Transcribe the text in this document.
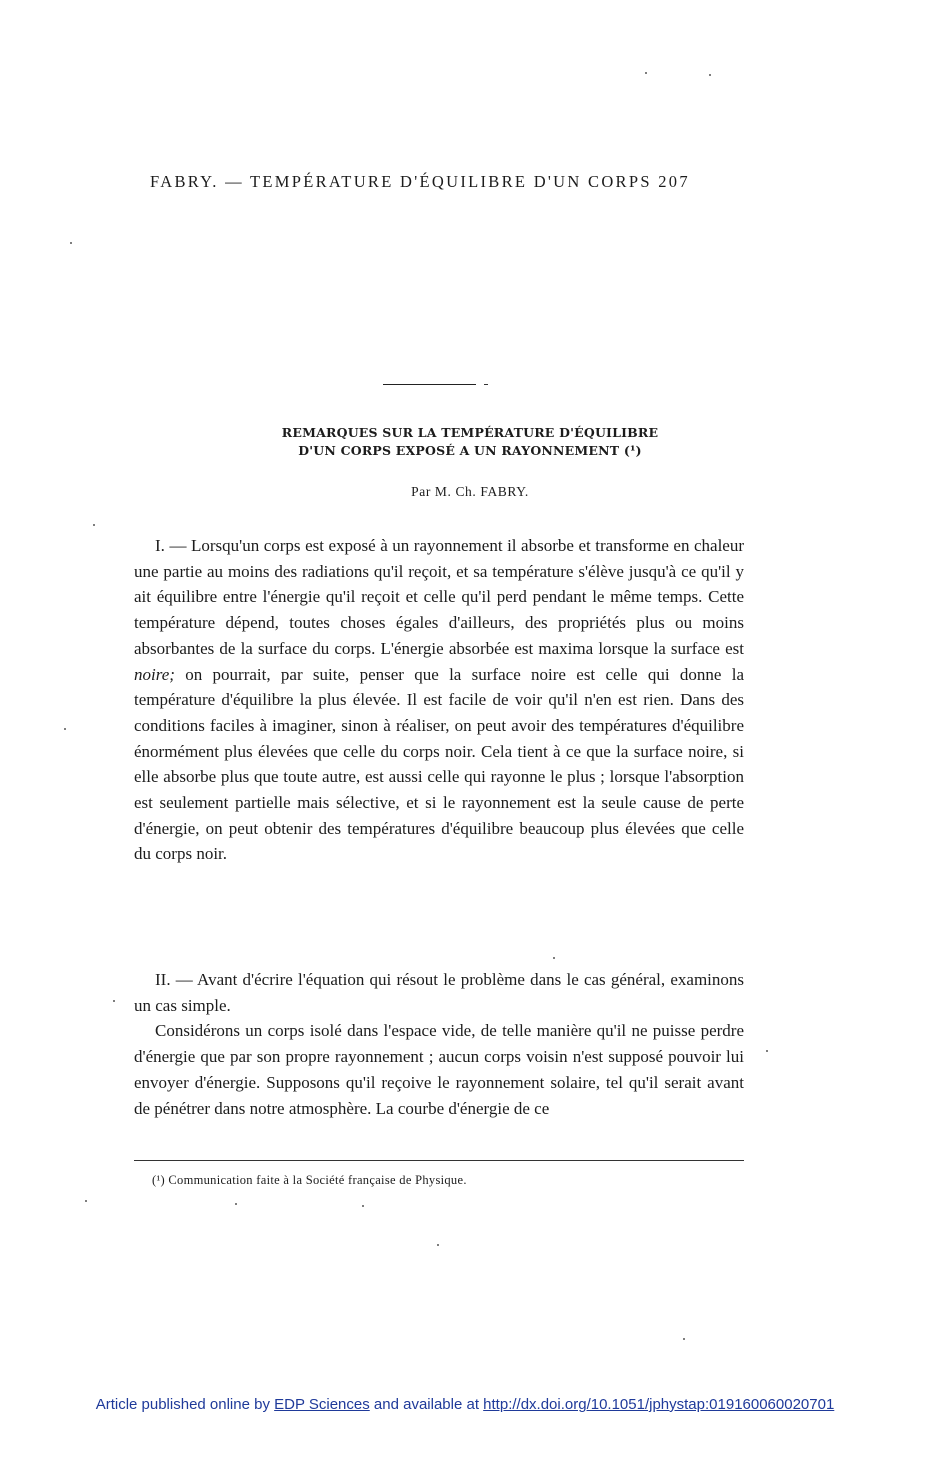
FABRY. — TEMPÉRATURE D'ÉQUILIBRE D'UN CORPS 207
REMARQUES SUR LA TEMPÉRATURE D'ÉQUILIBRE
D'UN CORPS EXPOSÉ A UN RAYONNEMENT (¹)
Par M. Ch. FABRY.

I. — Lorsqu'un corps est exposé à un rayonnement il absorbe et transforme en chaleur une partie au moins des radiations qu'il reçoit, et sa température s'élève jusqu'à ce qu'il y ait équilibre entre l'énergie qu'il reçoit et celle qu'il perd pendant le même temps. Cette température dépend, toutes choses égales d'ailleurs, des propriétés plus ou moins absorbantes de la surface du corps. L'énergie absorbée est maxima lorsque la surface est noire; on pourrait, par suite, penser que la surface noire est celle qui donne la température d'équilibre la plus élevée. Il est facile de voir qu'il n'en est rien. Dans des conditions faciles à imaginer, sinon à réaliser, on peut avoir des températures d'équilibre énormément plus élevées que celle du corps noir. Cela tient à ce que la surface noire, si elle absorbe plus que toute autre, est aussi celle qui rayonne le plus ; lorsque l'absorption est seulement partielle mais sélective, et si le rayonnement est la seule cause de perte d'énergie, on peut obtenir des températures d'équilibre beaucoup plus élevées que celle du corps noir.

II. — Avant d'écrire l'équation qui résout le problème dans le cas général, examinons un cas simple.

Considérons un corps isolé dans l'espace vide, de telle manière qu'il ne puisse perdre d'énergie que par son propre rayonnement ; aucun corps voisin n'est supposé pouvoir lui envoyer d'énergie. Supposons qu'il reçoive le rayonnement solaire, tel qu'il serait avant de pénétrer dans notre atmosphère. La courbe d'énergie de ce

(¹) Communication faite à la Société française de Physique.
Article published online by EDP Sciences and available at http://dx.doi.org/10.1051/jphystap:019160060020701
